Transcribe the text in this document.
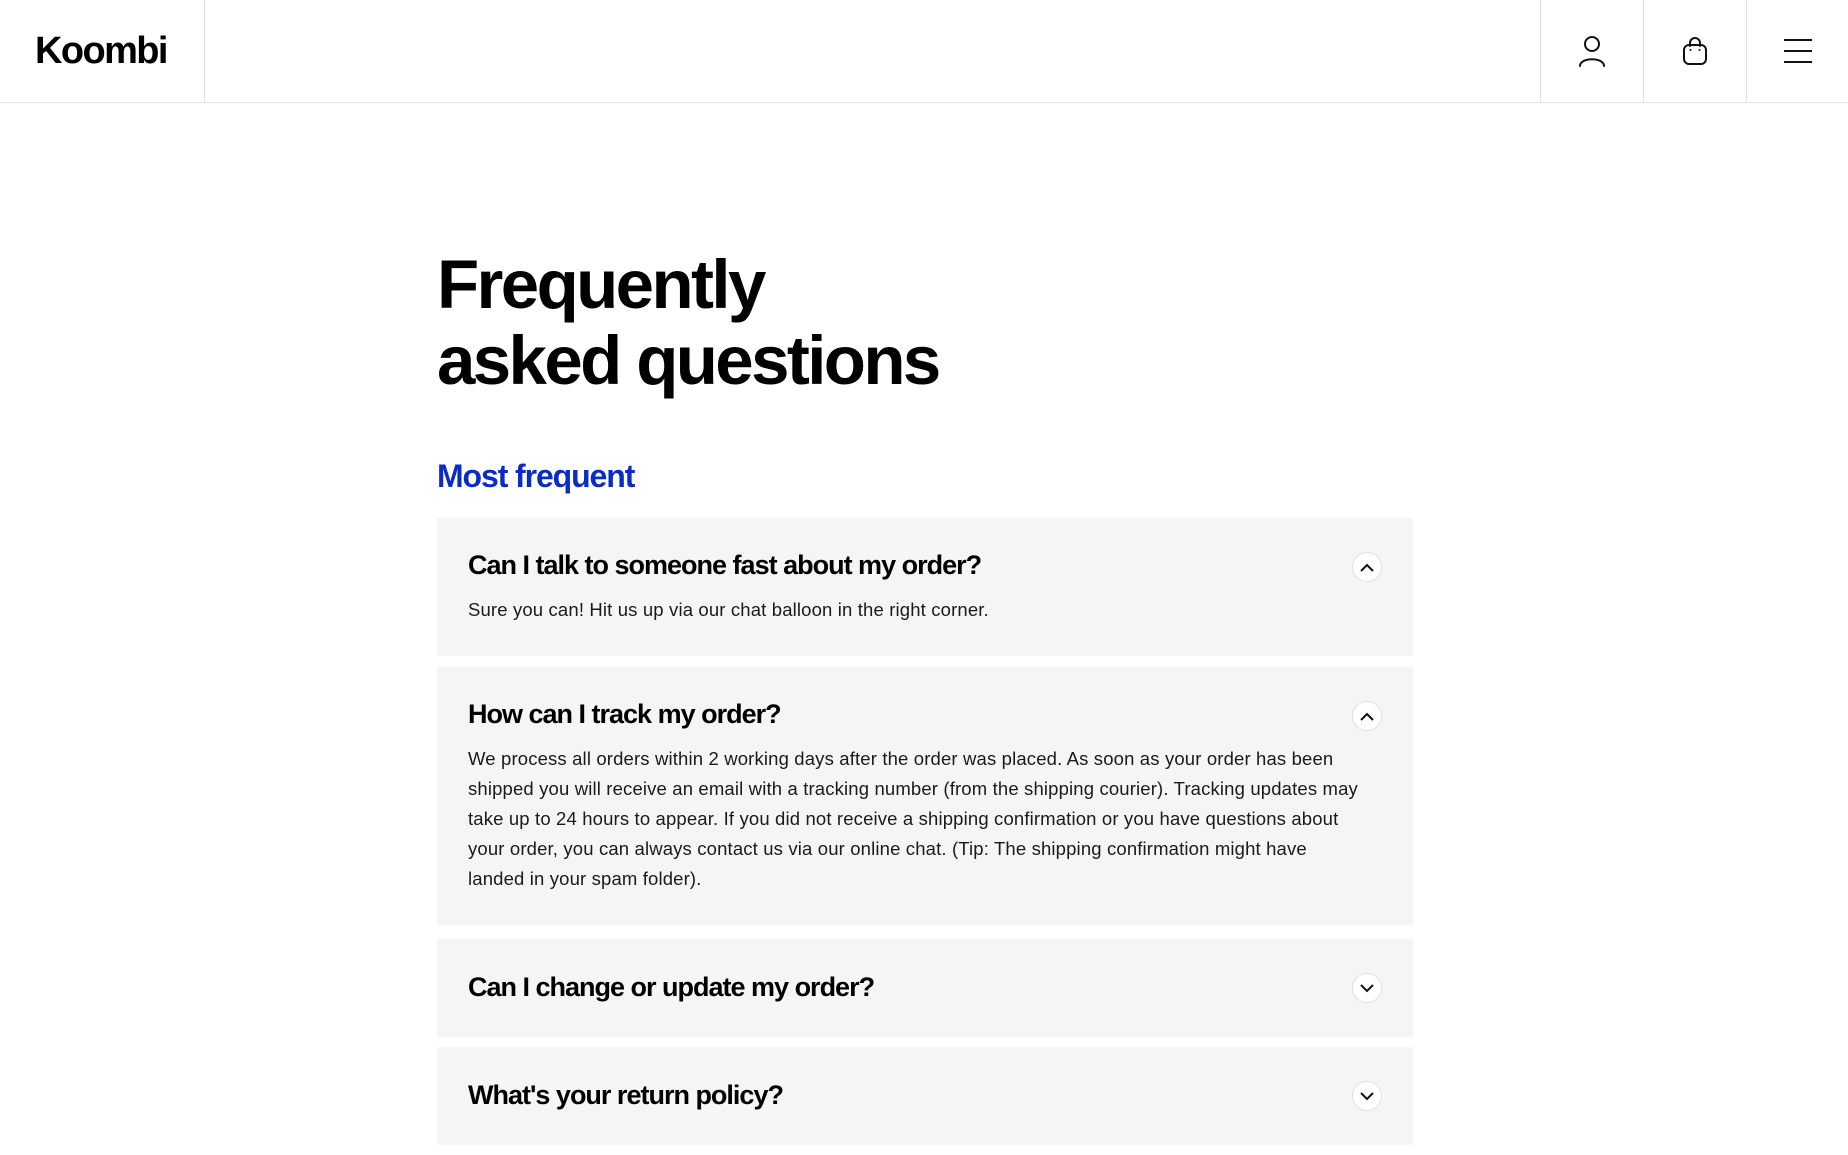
Koombi
Frequently
asked questions
Most frequent
Can I talk to someone fast about my order?

Sure you can! Hit us up via our chat balloon in the right corner.

How can I track my order?

We process all orders within 2 working days after the order was placed. As soon as your order has been shipped you will receive an email with a tracking number (from the shipping courier). Tracking updates may take up to 24 hours to appear. If you did not receive a shipping confirmation or you have questions about your order, you can always contact us via our online chat. (Tip: The shipping confirmation might have landed in your spam folder).

Can I change or update my order?
What's your return policy?
